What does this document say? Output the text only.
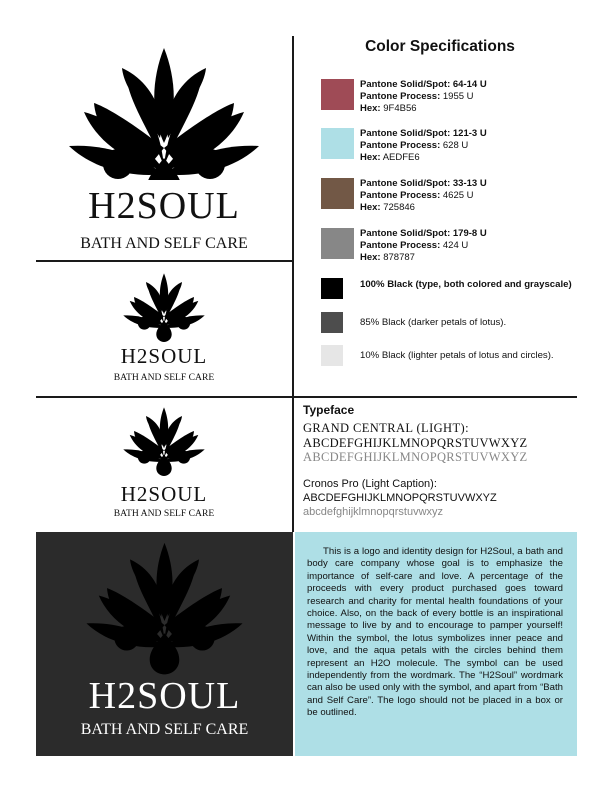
H2SOUL
BATH AND SELF CARE
H2SOUL
BATH AND SELF CARE
H2SOUL
BATH AND SELF CARE
H2SOUL
BATH AND SELF CARE
Color Specifications
Pantone Solid/Spot: 64-14 U
Pantone Process: 1955 U
Hex: 9F4B56
Pantone Solid/Spot: 121-3 U
Pantone Process: 628 U
Hex: AEDFE6
Pantone Solid/Spot: 33-13 U
Pantone Process: 4625 U
Hex: 725846
Pantone Solid/Spot: 179-8 U
Pantone Process: 424 U
Hex: 878787
100% Black (type, both colored and grayscale)
85% Black (darker petals of lotus).
10% Black (lighter petals of lotus and circles).
Typeface
GRAND CENTRAL (LIGHT):
ABCDEFGHIJKLMNOPQRSTUVWXYZ
ABCDEFGHIJKLMNOPQRSTUVWXYZ
Cronos Pro (Light Caption):
ABCDEFGHIJKLMNOPQRSTUVWXYZ
abcdefghijklmnopqrstuvwxyz

This is a logo and identity design for H2Soul, a bath and body care company whose goal is to emphasize the importance of self-care and love. A percentage of the proceeds with every product purchased goes toward research and charity for mental health foundations of your choice. Also, on the back of every bottle is an inspirational message to live by and to encourage to pamper yourself! Within the symbol, the lotus symbolizes inner peace and love, and the aqua petals with the circles behind them represent an H2O molecule. The symbol can be used independently from the wordmark. The “H2Soul” wordmark can also be used only with the symbol, and apart from “Bath and Self Care”. The logo should not be placed in a box or be outlined.
